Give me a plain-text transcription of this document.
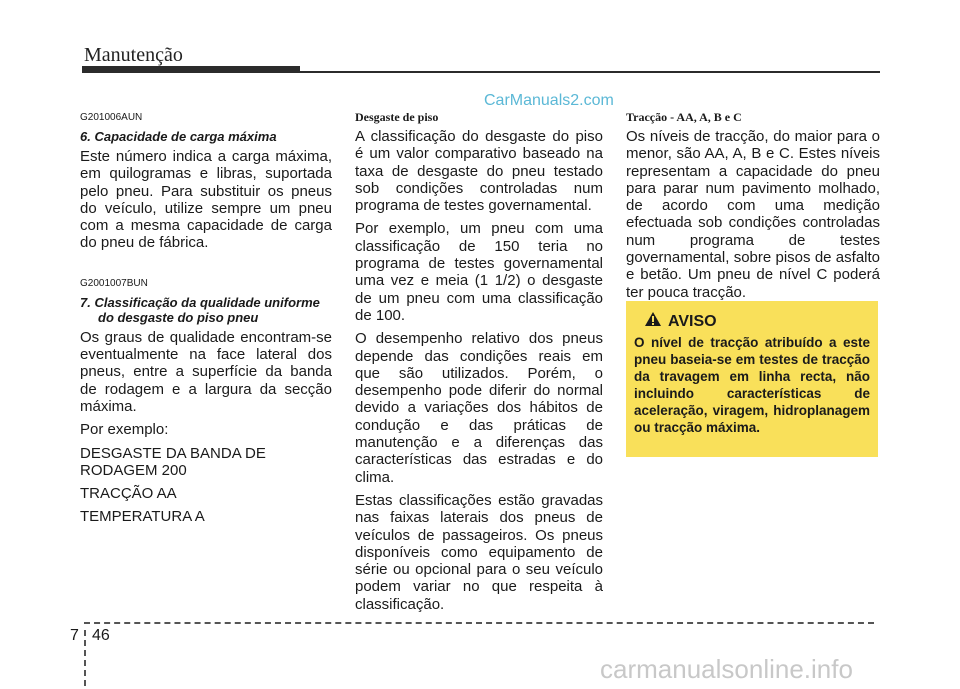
Manutenção
CarManuals2.com
G201006AUN
6. Capacidade de carga máxima

Este número indica a carga máxima, em quilogramas e libras, suportada pelo pneu. Para substituir os pneus do veículo, utilize sempre um pneu com a mesma capacidade de carga do pneu de fábrica.

G2001007BUN
7. Classificação da qualidade uniforme do desgaste do piso pneu

Os graus de qualidade encontram-se eventualmente na face lateral dos pneus, entre a superfície da banda de rodagem e a largura da secção máxima.

Por exemplo:

DESGASTE DA BANDA DE RODAGEM 200

TRACÇÃO AA

TEMPERATURA A

Desgaste de piso

A classificação do desgaste do piso é um valor comparativo baseado na taxa de desgaste do pneu testado sob condições controladas num programa de testes governamental.

Por exemplo, um pneu com uma classificação de 150 teria no programa de testes governamental uma vez e meia (1 1/2) o desgaste de um pneu com uma classificação de 100.

O desempenho relativo dos pneus depende das condições reais em que são utilizados. Porém, o desempenho pode diferir do normal devido a variações dos hábitos de condução e das práticas de manutenção e a diferenças das características das estradas e do clima.

Estas classificações estão gravadas nas faixas laterais dos pneus de veículos de passageiros. Os pneus disponíveis como equipamento de série ou opcional para o seu veículo podem variar no que respeita à classificação.

Tracção - AA, A, B e C

Os níveis de tracção, do maior para o menor, são AA, A, B e C. Estes níveis representam a capacidade do pneu para parar num pavimento molhado, de acordo com uma medição efectuada sob condições controladas num programa de testes governamental, sobre pisos de asfalto e betão. Um pneu de nível C poderá ter pouca tracção.

AVISO
O nível de tracção atribuído a este pneu baseia-se em testes de tracção da travagem em linha recta, não incluindo características de aceleração, viragem, hidroplanagem ou tracção máxima.
7 46
carmanualsonline.info
